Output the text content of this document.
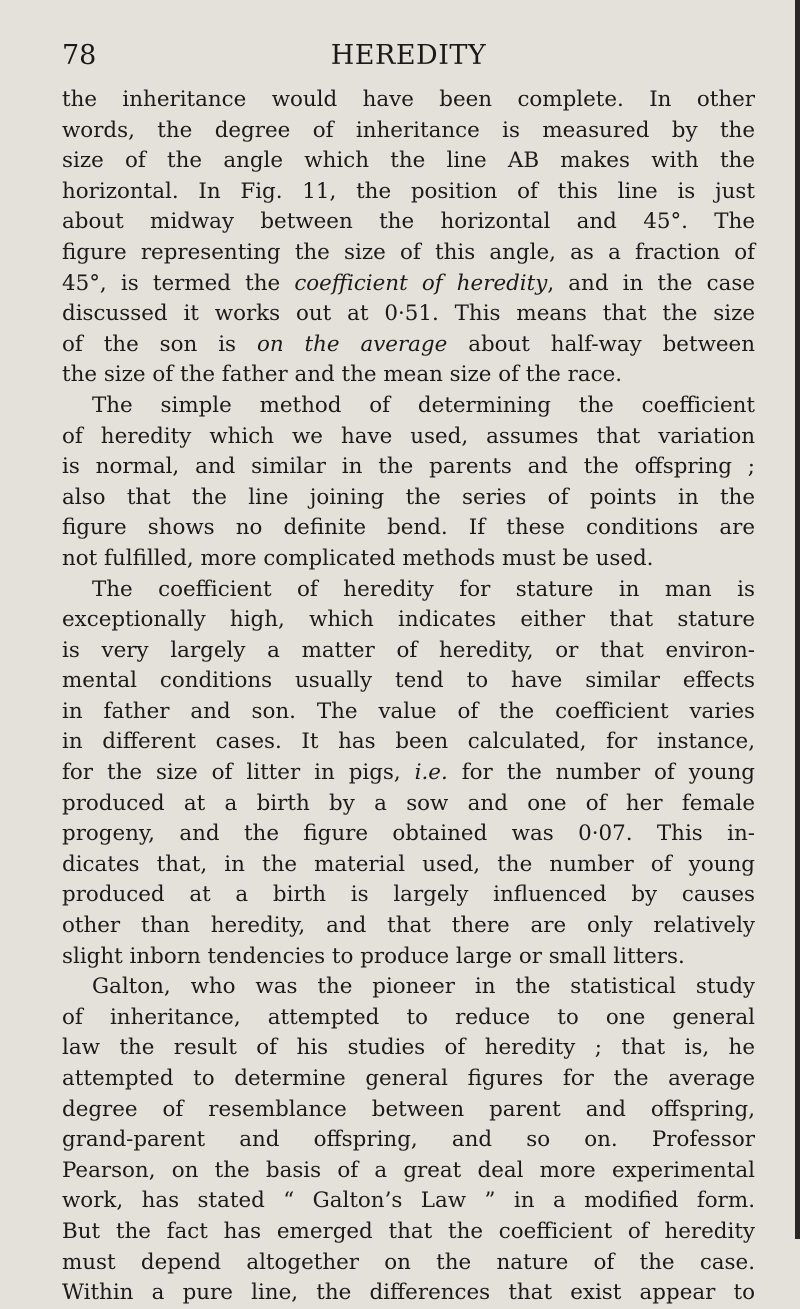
78	HEREDITY
the inheritance would have been complete. In other
words, the degree of inheritance is measured by the
size of the angle which the line AB makes with the
horizontal. In Fig. 11, the position of this line is just
about midway between the horizontal and 45°. The
figure representing the size of this angle, as a fraction of
45°, is termed the coefficient of heredity, and in the case
discussed it works out at 0·51. This means that the size
of the son is on the average about half-way between
the size of the father and the mean size of the race.
The simple method of determining the coefficient
of heredity which we have used, assumes that variation
is normal, and similar in the parents and the offspring ;
also that the line joining the series of points in the
figure shows no definite bend. If these conditions are
not fulfilled, more complicated methods must be used.
The coefficient of heredity for stature in man is
exceptionally high, which indicates either that stature
is very largely a matter of heredity, or that environ-
mental conditions usually tend to have similar effects
in father and son. The value of the coefficient varies
in different cases. It has been calculated, for instance,
for the size of litter in pigs, i.e. for the number of young
produced at a birth by a sow and one of her female
progeny, and the figure obtained was 0·07. This in-
dicates that, in the material used, the number of young
produced at a birth is largely influenced by causes
other than heredity, and that there are only relatively
slight inborn tendencies to produce large or small litters.
Galton, who was the pioneer in the statistical study
of inheritance, attempted to reduce to one general
law the result of his studies of heredity ; that is, he
attempted to determine general figures for the average
degree of resemblance between parent and offspring,
grand-parent and offspring, and so on. Professor
Pearson, on the basis of a great deal more experimental
work, has stated “ Galton’s Law ” in a modified form.
But the fact has emerged that the coefficient of heredity
must depend altogether on the nature of the case.
Within a pure line, the differences that exist appear to
